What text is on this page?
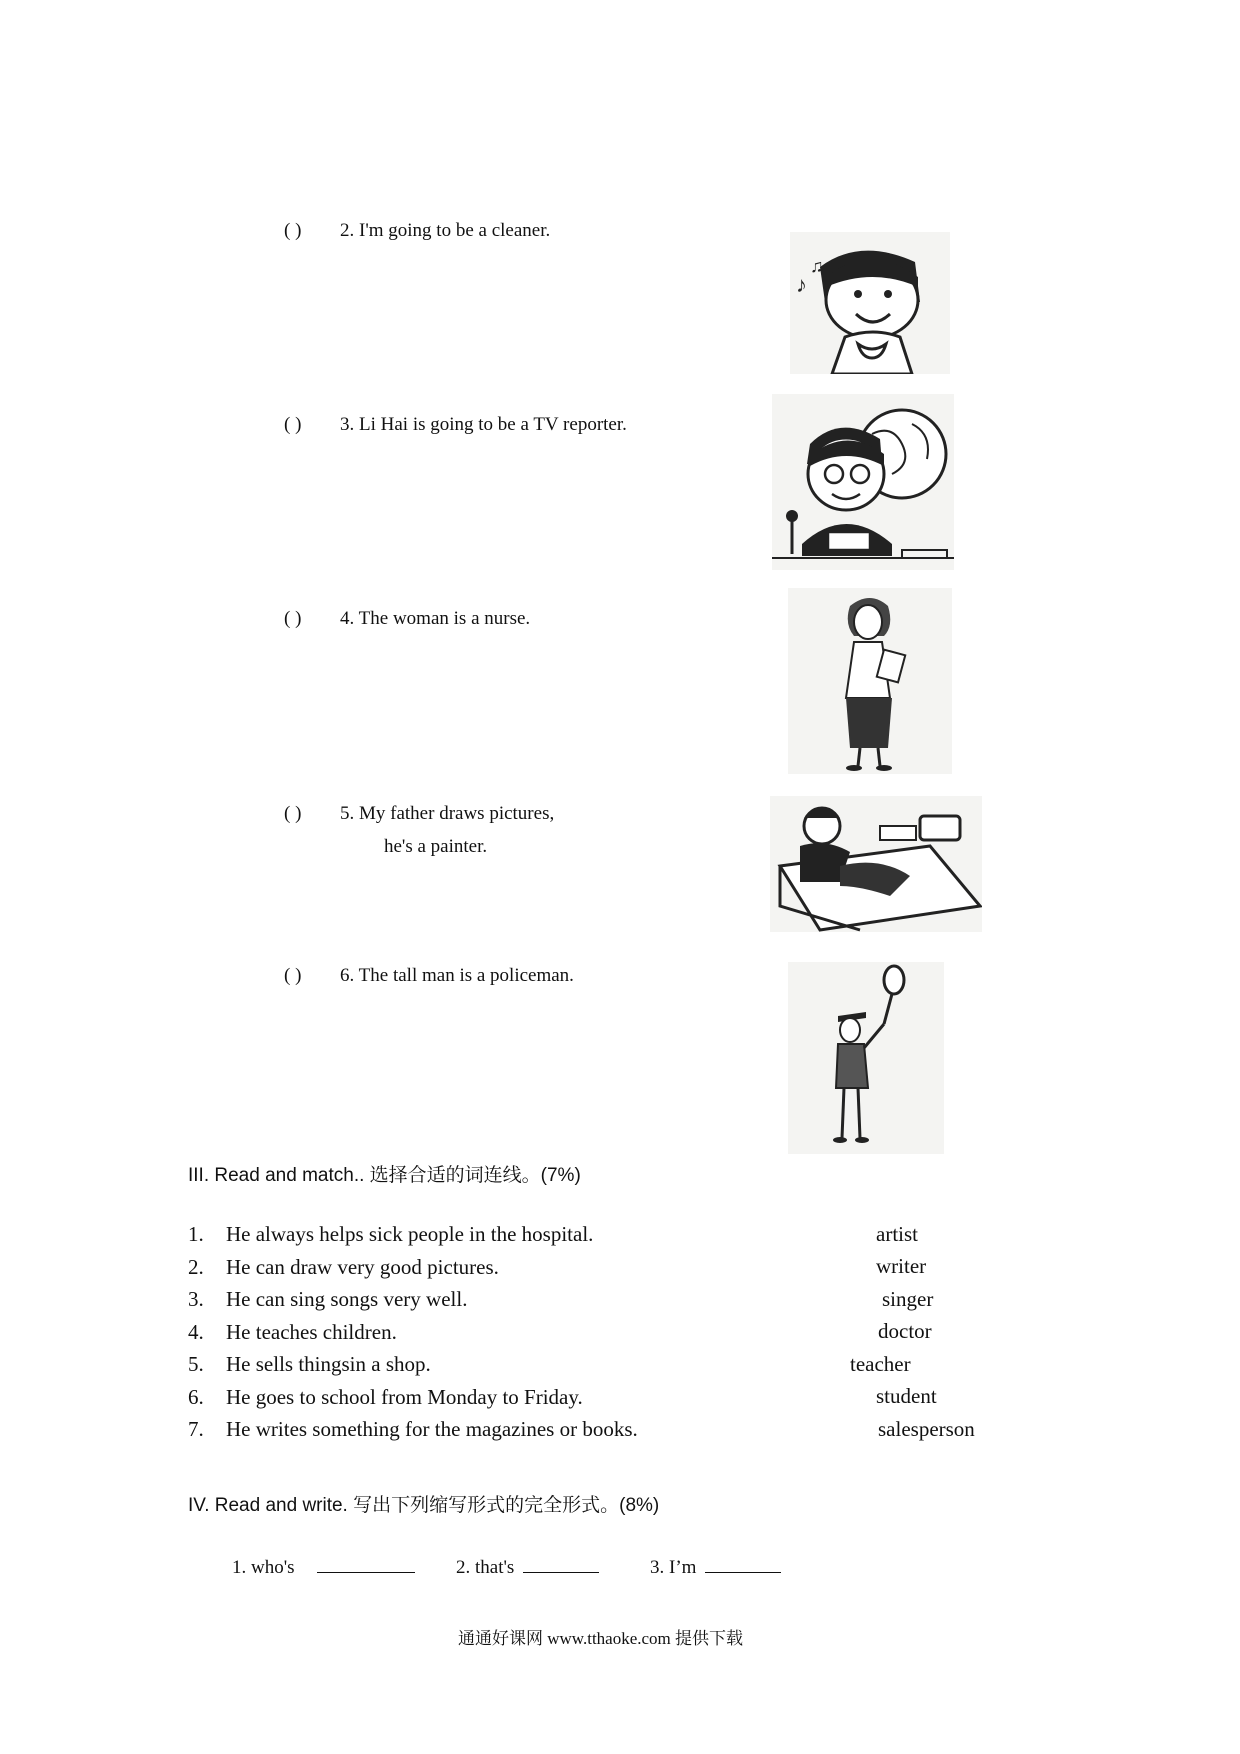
( ) 2. I'm going to be a cleaner.
♪
♫
( ) 3. Li Hai is going to be a TV reporter.
( ) 4. The woman is a nurse.
( ) 5. My father draws pictures,
he's a painter.
( ) 6. The tall man is a policeman.
III. Read and match.. 选择合适的词连线。(7%)
1. He always helps sick people in the hospital.
2. He can draw very good pictures.
3. He can sing songs very well.
4. He teaches children.
5. He sells thingsin a shop.
6. He goes to school from Monday to Friday.
7. He writes something for the magazines or books.
artist
writer
singer
doctor
teacher
student
salesperson
IV. Read and write. 写出下列缩写形式的完全形式。(8%)
1. who's	2. that's	3. I’m
通通好课网 www.tthaoke.com 提供下载
